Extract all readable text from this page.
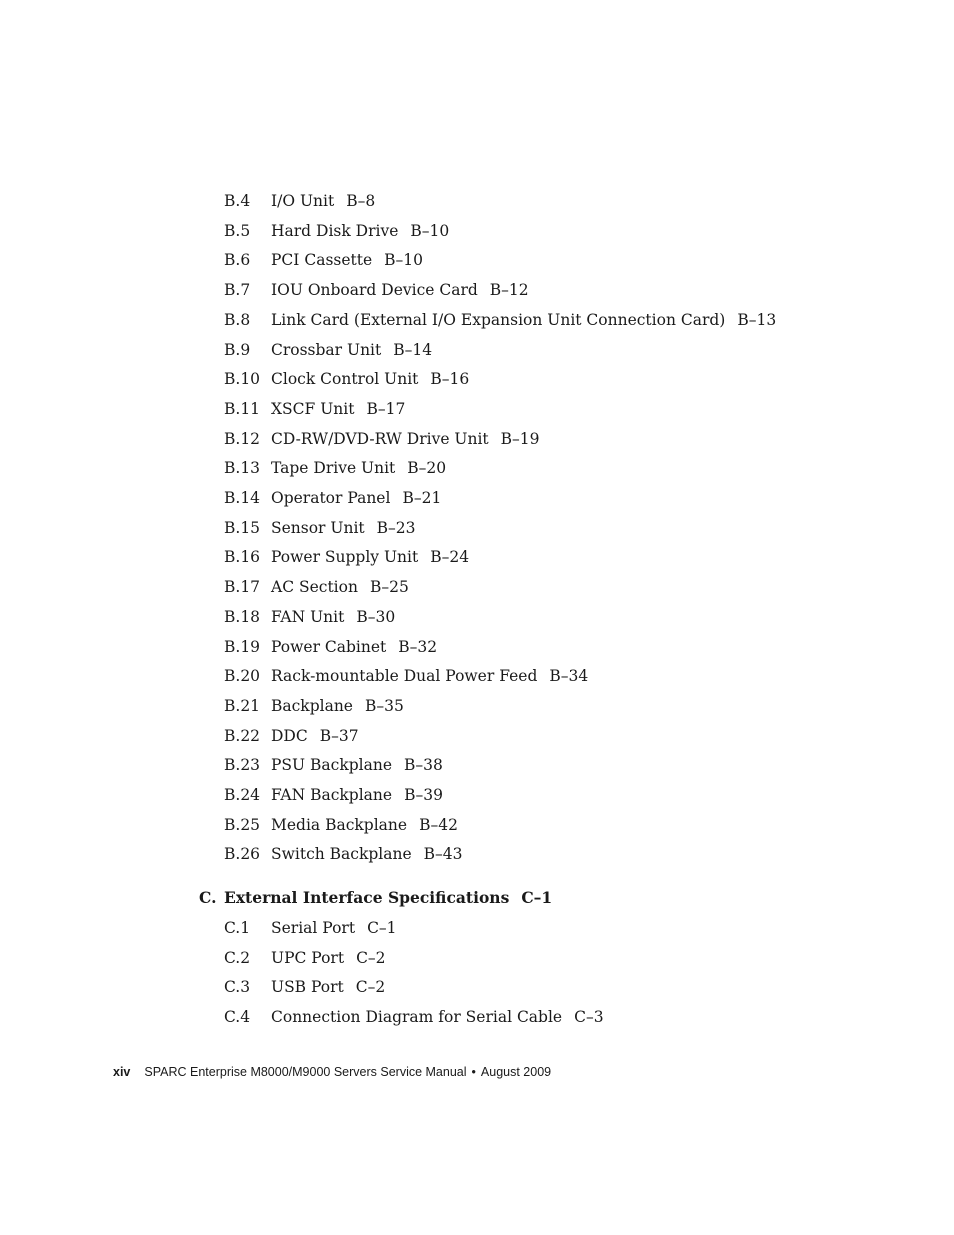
B.4 I/O Unit B–8
B.5 Hard Disk Drive B–10
B.6 PCI Cassette B–10
B.7 IOU Onboard Device Card B–12
B.8 Link Card (External I/O Expansion Unit Connection Card) B–13
B.9 Crossbar Unit B–14
B.10 Clock Control Unit B–16
B.11 XSCF Unit B–17
B.12 CD-RW/DVD-RW Drive Unit B–19
B.13 Tape Drive Unit B–20
B.14 Operator Panel B–21
B.15 Sensor Unit B–23
B.16 Power Supply Unit B–24
B.17 AC Section B–25
B.18 FAN Unit B–30
B.19 Power Cabinet B–32
B.20 Rack-mountable Dual Power Feed B–34
B.21 Backplane B–35
B.22 DDC B–37
B.23 PSU Backplane B–38
B.24 FAN Backplane B–39
B.25 Media Backplane B–42
B.26 Switch Backplane B–43
C. External Interface Specifications C–1
C.1 Serial Port C–1
C.2 UPC Port C–2
C.3 USB Port C–2
C.4 Connection Diagram for Serial Cable C–3
xiv SPARC Enterprise M8000/M9000 Servers Service Manual • August 2009
